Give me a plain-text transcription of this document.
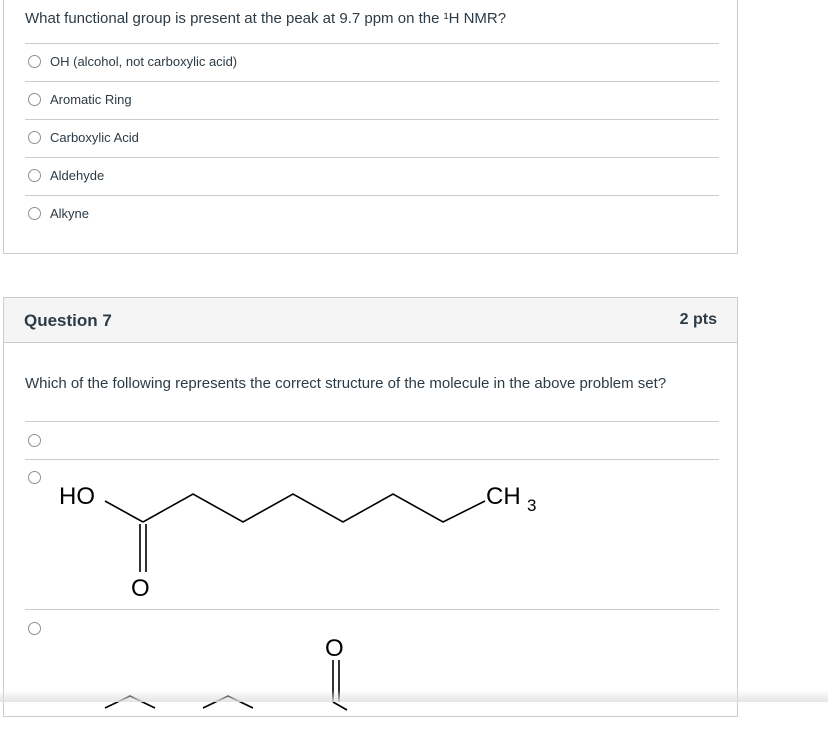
What functional group is present at the peak at 9.7 ppm on the ¹H NMR?
OH (alcohol, not carboxylic acid)
Aromatic Ring
Carboxylic Acid
Aldehyde
Alkyne
Question 7	2 pts
Which of the following represents the correct structure of the molecule in the above problem set?
HO
O
CH 3
O
